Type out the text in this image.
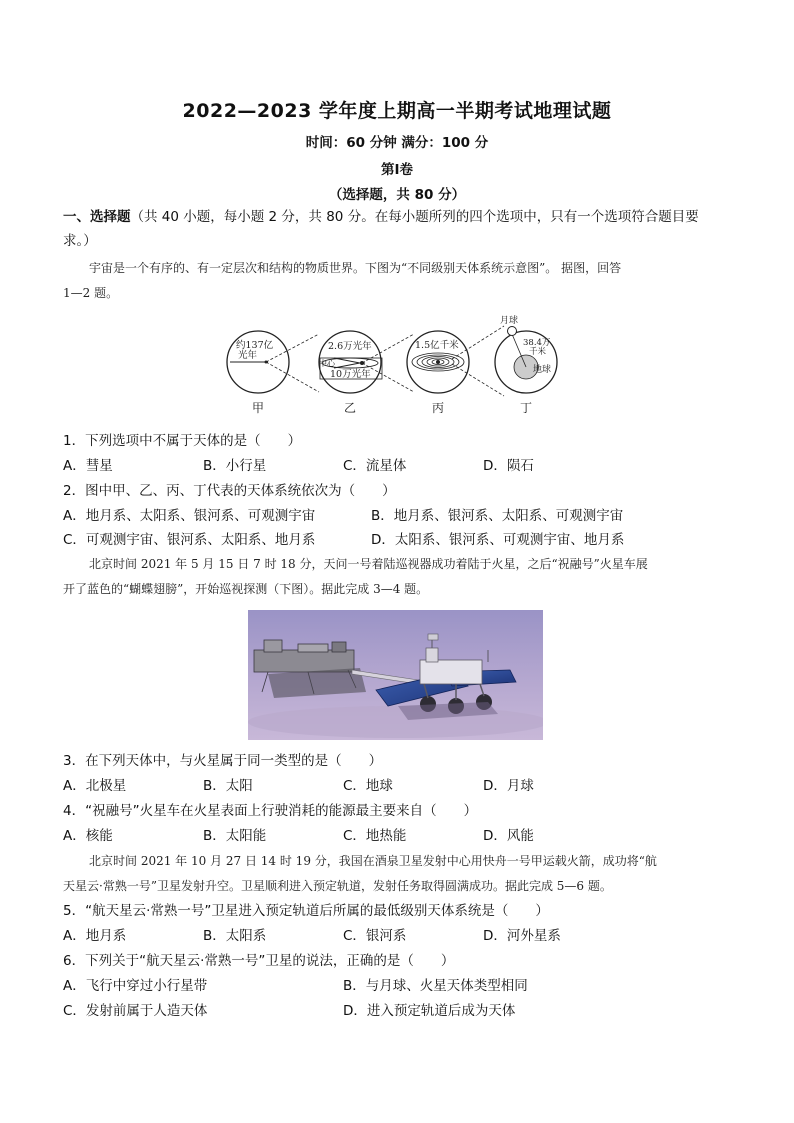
2022—2023 学年度上期高一半期考试地理试题
时间：60 分钟 满分：100 分
第Ⅰ卷
（选择题，共 80 分）
一、选择题（共 40 小题，每小题 2 分，共 80 分。在每小题所列的四个选项中，只有一个选项符合题目要
求。）
宇宙是一个有序的、有一定层次和结构的物质世界。下图为“不同级别天体系统示意图”。 据图，回答
1—2 题。
约137亿
光年
甲
2.6万光年
中心
10万光年
乙
1.5亿千米
丙
月球
38.4万
千米
地球
丁
1．下列选项中不属于天体的是（　　）
A．彗星	B．小行星	C．流星体	D．陨石
2．图中甲、乙、丙、丁代表的天体系统依次为（　　）
A．地月系、太阳系、银河系、可观测宇宙	B．地月系、银河系、太阳系、可观测宇宙
C．可观测宇宙、银河系、太阳系、地月系	D．太阳系、银河系、可观测宇宙、地月系
北京时间 2021 年 5 月 15 日 7 时 18 分，天问一号着陆巡视器成功着陆于火星，之后“祝融号”火星车展
开了蓝色的“蝴蝶翅膀”，开始巡视探测（下图）。据此完成 3—4 题。
3．在下列天体中，与火星属于同一类型的是（　　）
A．北极星	B．太阳	C．地球	D．月球
4．“祝融号”火星车在火星表面上行驶消耗的能源最主要来自（　　）
A．核能	B．太阳能	C．地热能	D．风能
北京时间 2021 年 10 月 27 日 14 时 19 分，我国在酒泉卫星发射中心用快舟一号甲运载火箭，成功将“航
天星云·常熟一号”卫星发射升空。卫星顺利进入预定轨道，发射任务取得圆满成功。据此完成 5—6 题。
5．“航天星云·常熟一号”卫星进入预定轨道后所属的最低级别天体系统是（　　）
A．地月系	B．太阳系	C．银河系	D．河外星系
6．下列关于“航天星云·常熟一号”卫星的说法，正确的是（　　）
A．飞行中穿过小行星带	B．与月球、火星天体类型相同
C．发射前属于人造天体	D．进入预定轨道后成为天体
